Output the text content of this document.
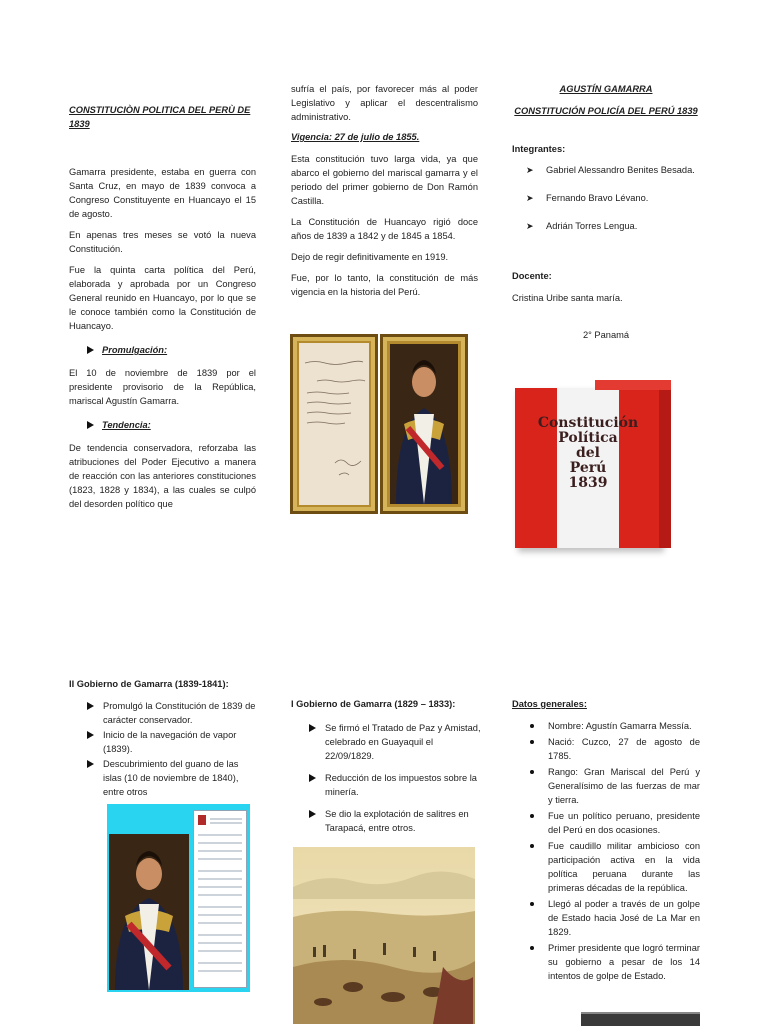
CONSTITUCIÒN POLITICA DEL PERÙ DE 1839

Gamarra presidente, estaba en guerra con Santa Cruz, en mayo de 1839 convoca a Congreso Constituyente en Huancayo el 15 de agosto.

En apenas tres meses se votó la nueva Constitución.

Fue la quinta carta política del Perú, elaborada y aprobada por un Congreso General reunido en Huancayo, por lo que se le conoce también como la Constitución de Huancayo.

Promulgación:

El 10 de noviembre de 1839 por el presidente provisorio de la República, mariscal Agustín Gamarra.

Tendencia:

De tendencia conservadora, reforzaba las atribuciones del Poder Ejecutivo a manera de reacción con las anteriores constituciones (1823, 1828 y 1834), a las cuales se culpó del desorden político que

sufría el país, por favorecer más al poder Legislativo y aplicar el descentralismo administrativo.

Vigencia: 27 de julio de 1855.

Esta constitución tuvo larga vida, ya que abarco el gobierno del mariscal gamarra y el periodo del primer gobierno de Don Ramón Castilla.

La Constitución de Huancayo rigió doce años de 1839 a 1842 y de 1845 a 1854.

Dejo de regir definitivamente en 1919.

Fue, por lo tanto, la constitución de más vigencia en la historia del Perú.

AGUSTÍN GAMARRA
CONSTITUCIÓN POLICÍA DEL PERÚ 1839
Integrantes:
➤ Gabriel Alessandro Benites Besada.
➤ Fernando Bravo Lévano.
➤ Adrián Torres Lengua.
Docente:
Cristina Uribe santa maría.
2° Panamá
Constitución
Política
del
Perú
1839
II Gobierno de Gamarra (1839-1841):
Promulgó la Constitución de 1839 de carácter conservador.
Inicio de la navegación de vapor (1839).
Descubrimiento del guano de las islas (10 de noviembre de 1840), entre otros
I Gobierno de Gamarra (1829 – 1833):
Se firmó el Tratado de Paz y Amistad, celebrado en Guayaquil el 22/09/1829.
Reducción de los impuestos sobre la minería.
Se dio la explotación de salitres en Tarapacá, entre otros.
Datos generales:
Nombre: Agustín Gamarra Messía.
Nació: Cuzco, 27 de agosto de 1785.
Rango: Gran Mariscal del Perú y Generalísimo de las fuerzas de mar y tierra.
Fue un político peruano, presidente del Perú en dos ocasiones.
Fue caudillo militar ambicioso con participación activa en la vida política peruana durante las primeras décadas de la república.
Llegó al poder a través de un golpe de Estado hacia José de La Mar en 1829.
Primer presidente que logró terminar su gobierno a pesar de los 14 intentos de golpe de Estado.
